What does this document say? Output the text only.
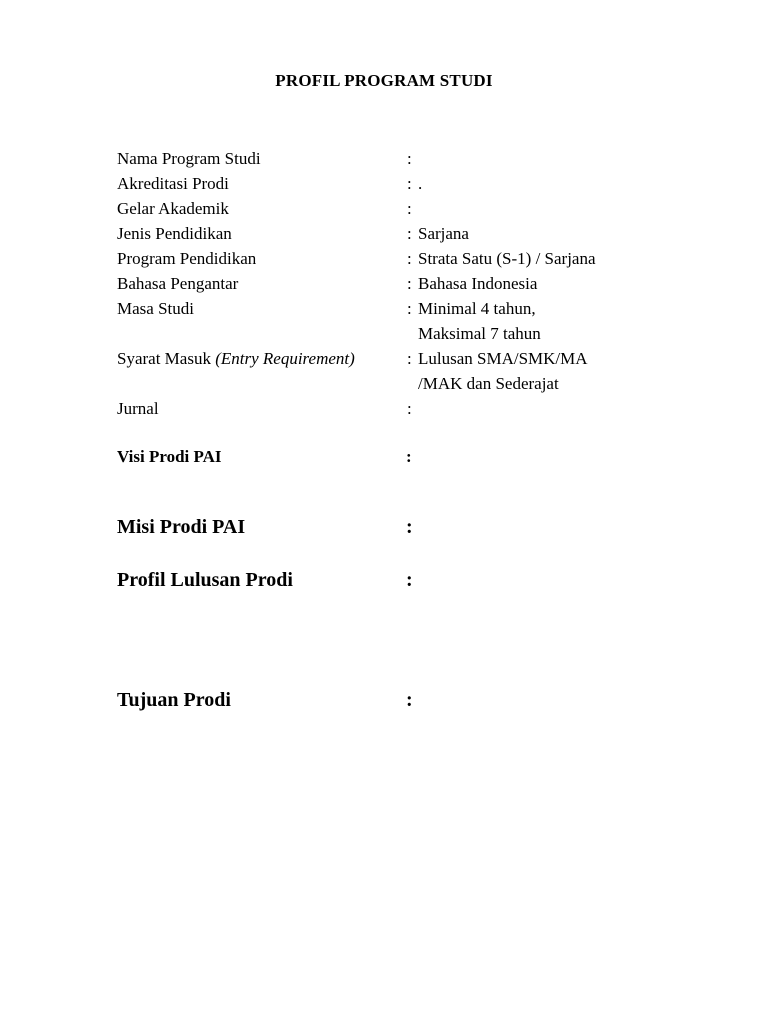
PROFIL PROGRAM STUDI
Nama Program Studi	:
Akreditasi Prodi	: .
Gelar Akademik	:
Jenis Pendidikan	: Sarjana
Program Pendidikan	: Strata Satu (S-1) / Sarjana
Bahasa Pengantar	: Bahasa Indonesia
Masa Studi	: Minimal 4 tahun,
Maksimal 7 tahun
Syarat Masuk (Entry Requirement)	: Lulusan SMA/SMK/MA
/MAK dan Sederajat
Jurnal	:
Visi Prodi PAI	:
Misi Prodi PAI	:
Profil Lulusan Prodi	:
Tujuan Prodi	:
